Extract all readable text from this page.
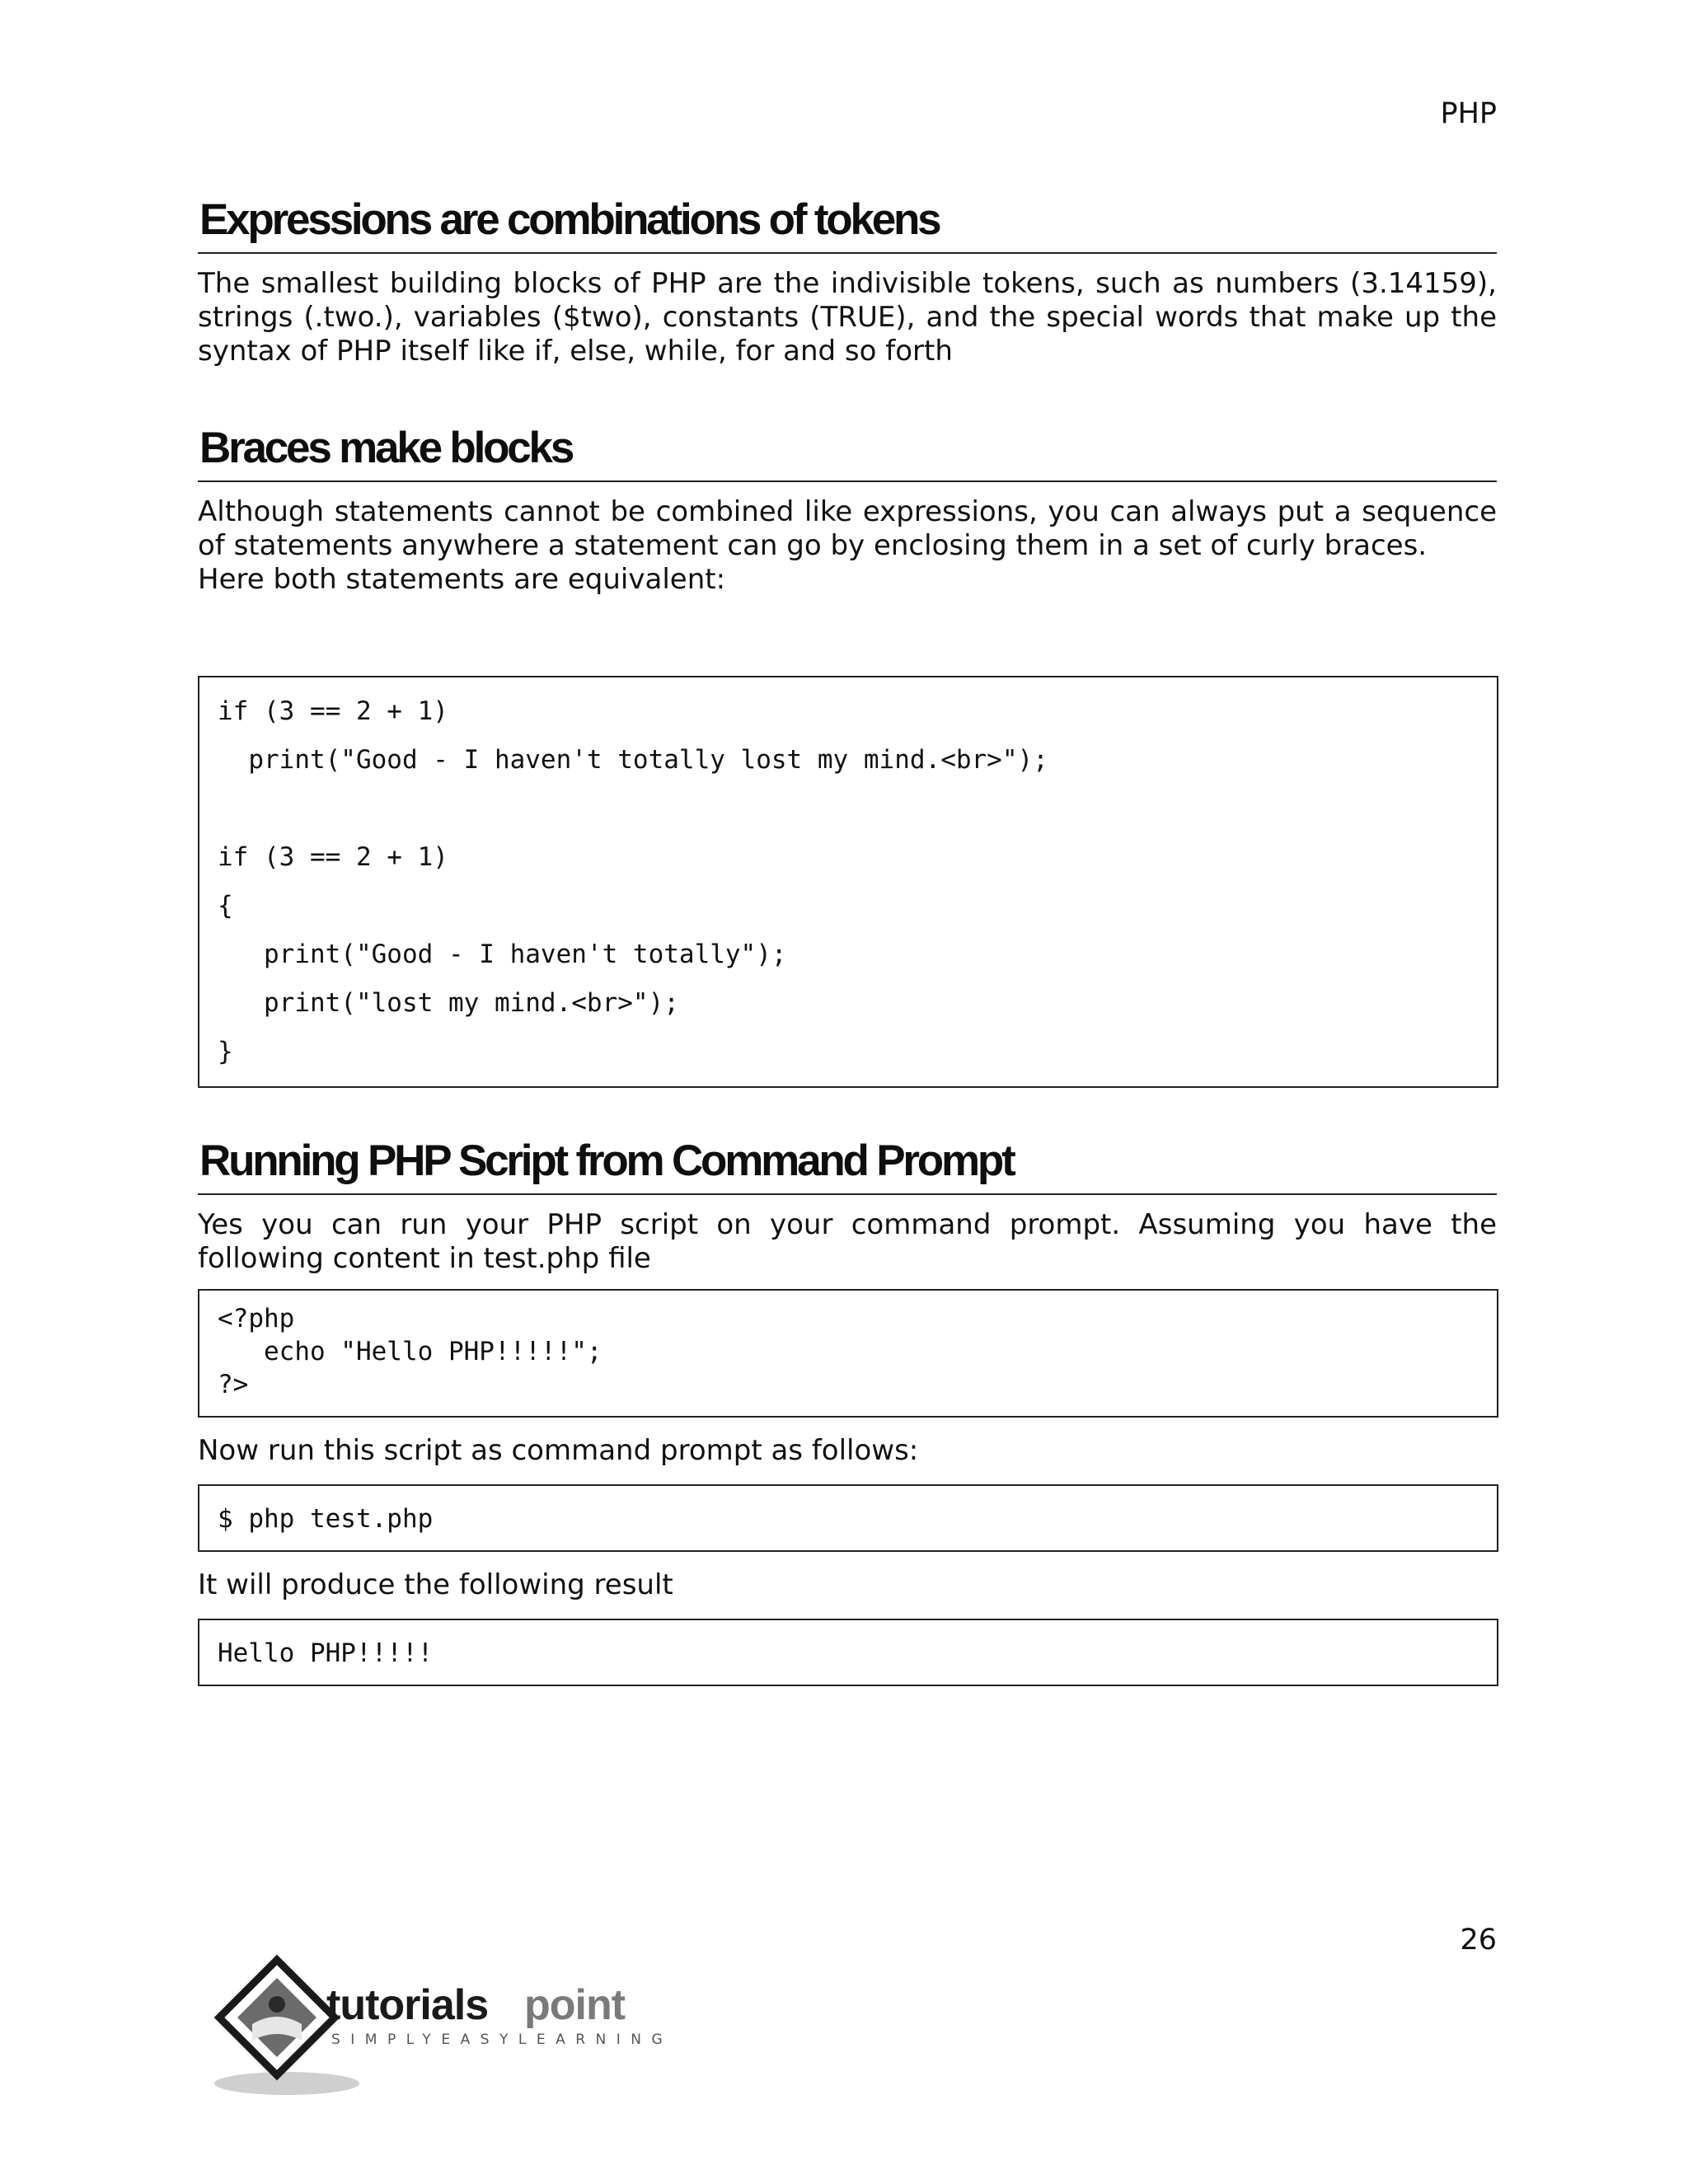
PHP
Expressions are combinations of tokens

The smallest building blocks of PHP are the indivisible tokens, such as numbers (3.14159), strings (.two.), variables ($two), constants (TRUE), and the special words that make up the syntax of PHP itself like if, else, while, for and so forth

Braces make blocks

Although statements cannot be combined like expressions, you can always put a sequence of statements anywhere a statement can go by enclosing them in a set of curly braces.

Here both statements are equivalent:

if (3 == 2 + 1)
print("Good - I haven't totally lost my mind.<br>");
if (3 == 2 + 1)
{
print("Good - I haven't totally");
print("lost my mind.<br>");
}
Running PHP Script from Command Prompt

Yes you can run your PHP script on your command prompt. Assuming you have the following content in test.php file

<?php
echo "Hello PHP!!!!!";
?>

Now run this script as command prompt as follows:

$ php test.php

It will produce the following result

Hello PHP!!!!!
26
tutorials point
SIMPLYEASYLEARNING
